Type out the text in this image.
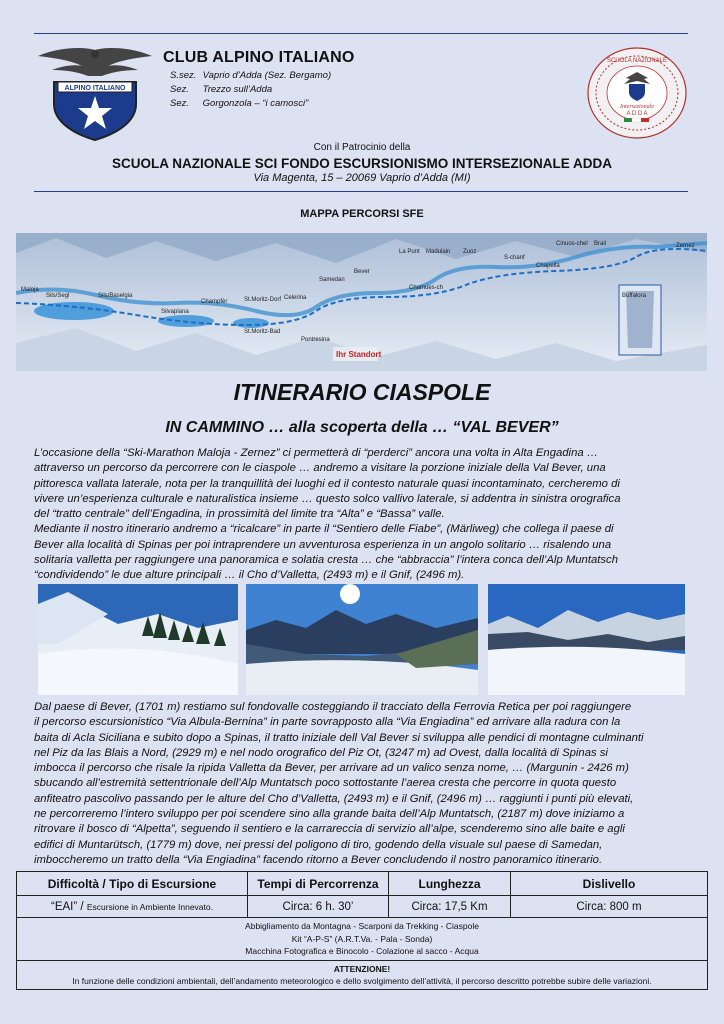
ALPINO ITALIANO
CLUB ALPINO ITALIANO
S.sez. Vaprio d’Adda (Sez. Bergamo)
Sez. Trezzo sull’Adda
Sez. Gorgonzola – “i camosci”
SCUOLA NAZIONALE
Intersezionale
A D D A
Con il Patrocinio della
SCUOLA NAZIONALE SCI FONDO ESCURSIONISMO INTERSEZIONALE ADDA
Via Magenta, 15 – 20069 Vaprio d’Adda (MI)
MAPPA PERCORSI SFE
Maloja
Sils/Segl	Sils/Baselgia
Silvaplana
Champfèr	St.Moritz-Dorf Celerina
St.Moritz-Bad
Samedan
Bever
La Punt Madulain Zuoz
S-chanf
Chapella
Cinuos-chel Brail	Zernez
Pontresina
Chamues-ch
Buffalora
Ihr Standort
ITINERARIO CIASPOLE
IN CAMMINO … alla scoperta della … “VAL BEVER”

L’occasione della “Ski-Marathon Maloja - Zernez” ci permetterà di “perderci” ancora una volta in Alta Engadina …

attraverso un percorso da percorrere con le ciaspole … andremo a visitare la porzione iniziale della Val Bever, una

pittoresca vallata laterale, nota per la tranquillità dei luoghi ed il contesto naturale quasi incontaminato, cercheremo di

vivere un’esperienza culturale e naturalistica insieme … questo solco vallivo laterale, si addentra in sinistra orografica

del “tratto centrale” dell’Engadina, in prossimità del limite tra “Alta” e “Bassa” valle.

Mediante il nostro itinerario andremo a “ricalcare” in parte il “Sentiero delle Fiabe”, (Märliweg) che collega il paese di

Bever alla località di Spinas per poi intraprendere un avventurosa esperienza in un angolo solitario … risalendo una

solitaria valletta per raggiungere una panoramica e solatia cresta … che “abbraccia” l’intera conca dell’Alp Muntatsch

“condividendo” le due alture principali … il Cho d’Valletta, (2493 m) e il Gnif, (2496 m).

Dal paese di Bever, (1701 m) restiamo sul fondovalle costeggiando il tracciato della Ferrovia Retica per poi raggiungere

il percorso escursionistico “Via Albula-Bernina” in parte sovrapposto alla “Via Engiadina” ed arrivare alla radura con la

baita di Acla Siciliana e subito dopo a Spinas, il tratto iniziale dell Val Bever si sviluppa alle pendici di montagne culminanti

nel Piz da las Blais a Nord, (2929 m) e nel nodo orografico del Piz Ot, (3247 m) ad Ovest, dalla località di Spinas si

imbocca il percorso che risale la ripida Valletta da Bever, per arrivare ad un valico senza nome, … (Margunin - 2426 m)

sbucando all’estremità settentrionale dell’Alp Muntatsch poco sottostante l’aerea cresta che percorre in quota questo

anfiteatro pascolivo passando per le alture del Cho d’Valletta, (2493 m) e il Gnif, (2496 m) … raggiunti i punti più elevati,

ne percorreremo l’intero sviluppo per poi scendere sino alla grande baita dell’Alp Muntatsch, (2187 m) dove iniziamo a

ritrovare il bosco di “Alpetta”, seguendo il sentiero e la carrareccia di servizio all’alpe, scenderemo sino alle baite e agli

edifici di Muntarütsch, (1779 m) dove, nei pressi del poligono di tiro, godendo della visuale sul paese di Samedan,

imboccheremo un tratto della “Via Engiadina” facendo ritorno a Bever concludendo il nostro panoramico itinerario.

Difficoltà / Tipo di Escursione	Tempi di Percorrenza	Lunghezza	Dislivello
“EAI” / Escursione in Ambiente Innevato.	Circa: 6 h. 30’	Circa: 17,5 Km	Circa: 800 m

Abbigliamento da Montagna - Scarponi da Trekking - Ciaspole
Kit “A-P-S” (A.R.T.Va. - Pala - Sonda)
Macchina Fotografica e Binocolo - Colazione al sacco - Acqua			

ATTENZIONE!
In funzione delle condizioni ambientali, dell’andamento meteorologico e dello svolgimento dell’attività, il percorso descritto potrebbe subire delle variazioni.			
